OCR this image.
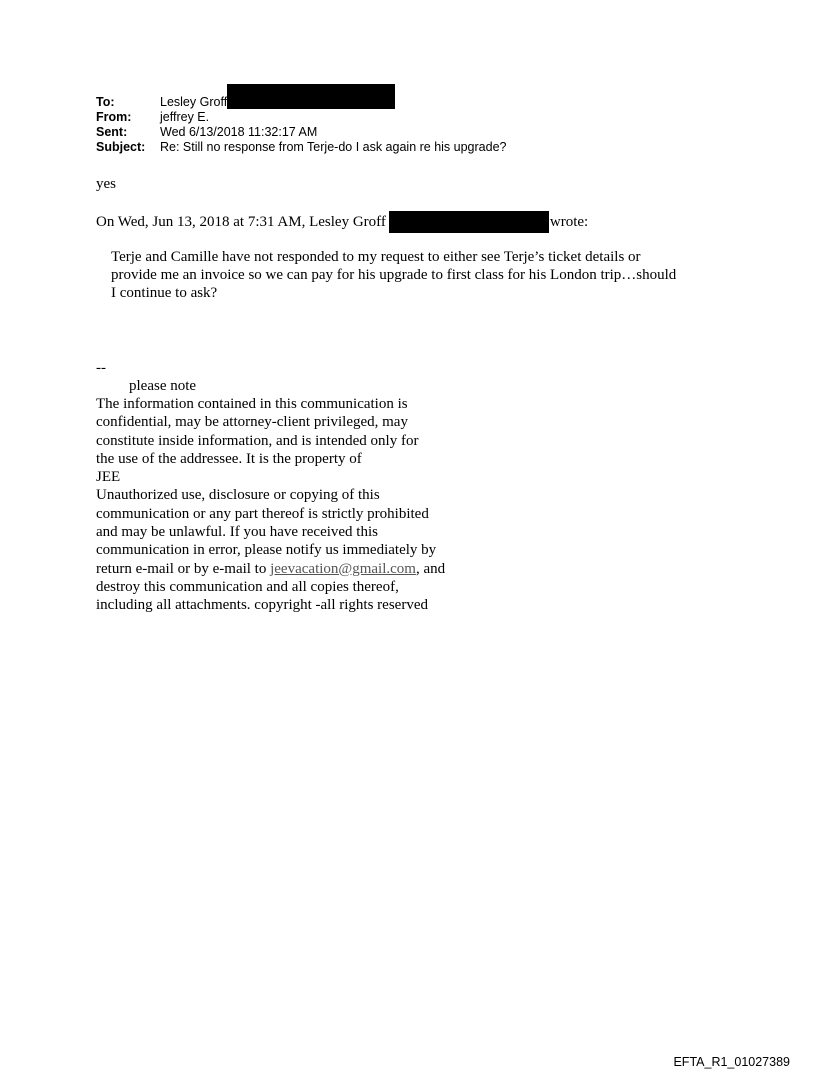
To:	Lesley Groff
From:	jeffrey E.
Sent:	Wed 6/13/2018 11:32:17 AM
Subject:	Re: Still no response from Terje-do I ask again re his upgrade?
yes
On Wed, Jun 13, 2018 at 7:31 AM, Lesley Groff	wrote:
Terje and Camille have not responded to my request to either see Terje’s ticket details or
provide me an invoice so we can pay for his upgrade to first class for his London trip…should
I continue to ask?
--
please note
The information contained in this communication is
confidential, may be attorney-client privileged, may
constitute inside information, and is intended only for
the use of the addressee. It is the property of
JEE
Unauthorized use, disclosure or copying of this
communication or any part thereof is strictly prohibited
and may be unlawful. If you have received this
communication in error, please notify us immediately by
return e-mail or by e-mail to jeevacation@gmail.com, and
destroy this communication and all copies thereof,
including all attachments. copyright -all rights reserved
EFTA_R1_01027389
